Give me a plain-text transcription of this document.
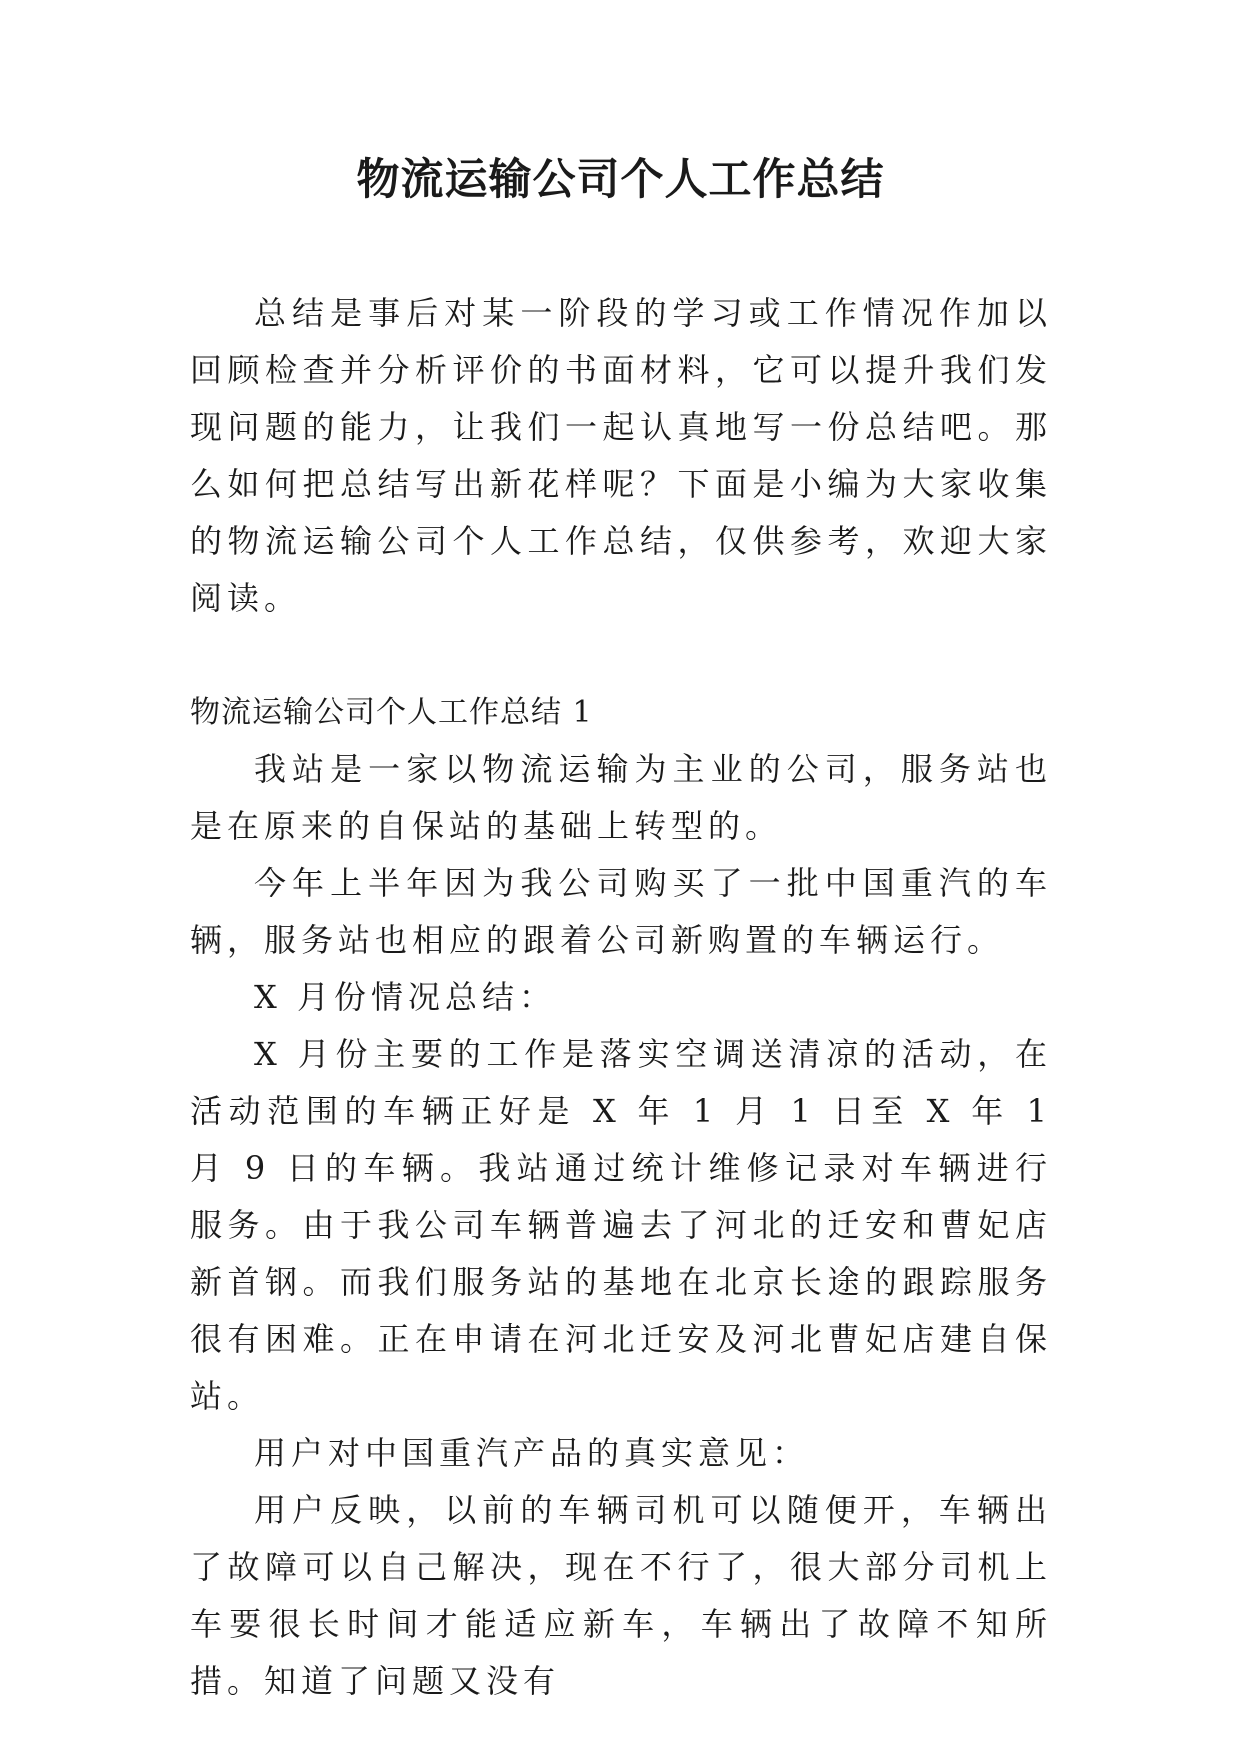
物流运输公司个人工作总结

总结是事后对某一阶段的学习或工作情况作加以回顾检查并分析评价的书面材料，它可以提升我们发现问题的能力，让我们一起认真地写一份总结吧。那么如何把总结写出新花样呢？下面是小编为大家收集的物流运输公司个人工作总结，仅供参考，欢迎大家阅读。

物流运输公司个人工作总结 1

我站是一家以物流运输为主业的公司，服务站也是在原来的自保站的基础上转型的。

今年上半年因为我公司购买了一批中国重汽的车辆，服务站也相应的跟着公司新购置的车辆运行。

X 月份情况总结：

X 月份主要的工作是落实空调送清凉的活动，在活动范围的车辆正好是 X 年 1 月 1 日至 X 年 1 月 9 日的车辆。我站通过统计维修记录对车辆进行服务。由于我公司车辆普遍去了河北的迁安和曹妃店新首钢。而我们服务站的基地在北京长途的跟踪服务很有困难。正在申请在河北迁安及河北曹妃店建自保站。

用户对中国重汽产品的真实意见：

用户反映，以前的车辆司机可以随便开，车辆出了故障可以自己解决，现在不行了，很大部分司机上车要很长时间才能适应新车，车辆出了故障不知所措。知道了问题又没有
